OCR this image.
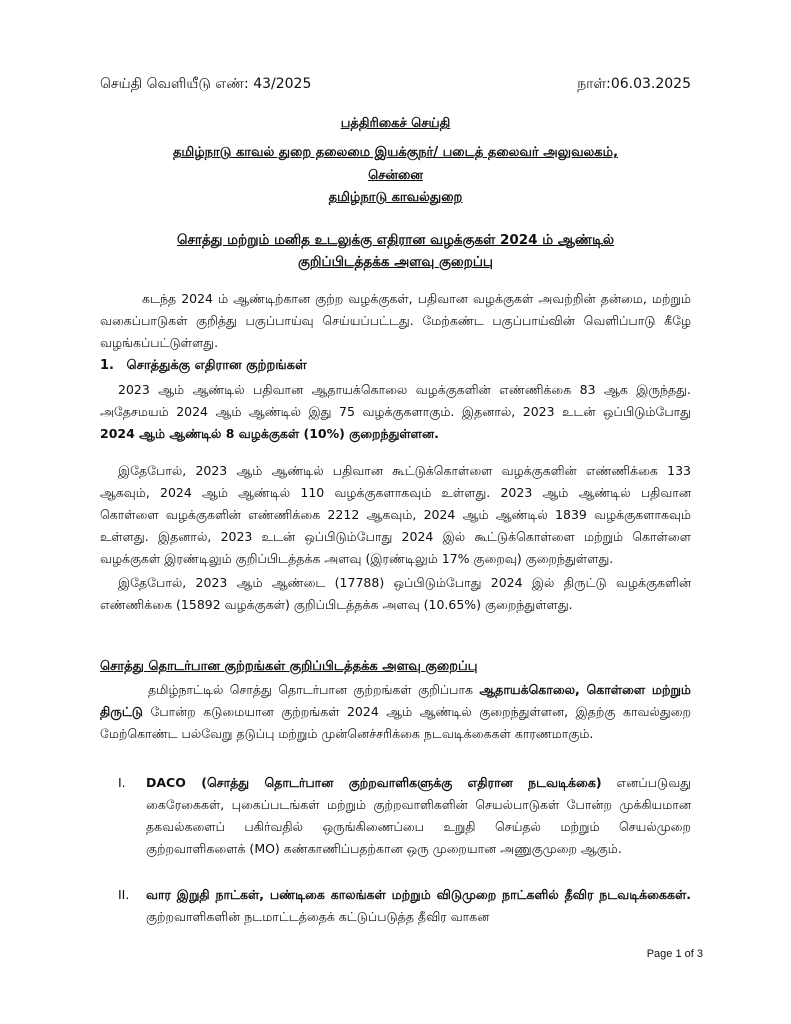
செய்தி வெளியீடு எண்: 43/2025	நாள்:06.03.2025
பத்திரிகைச் செய்தி
தமிழ்நாடு காவல் துறை தலைமை இயக்குநர்/ படைத் தலைவர் அலுவலகம்,
சென்னை
தமிழ்நாடு காவல்துறை
சொத்து மற்றும் மனித உடலுக்கு எதிரான வழக்குகள் 2024 ம் ஆண்டில்
குறிப்பிடத்தக்க அளவு குறைப்பு

கடந்த 2024 ம் ஆண்டிற்கான குற்ற வழக்குகள், பதிவான வழக்குகள் அவற்றின் தன்மை, மற்றும் வகைப்பாடுகள் குறித்து பகுப்பாய்வு செய்யப்பட்டது. மேற்கண்ட பகுப்பாய்வின் வெளிப்பாடு கீழே வழங்கப்பட்டுள்ளது.

1. சொத்துக்கு எதிரான குற்றங்கள்

2023 ஆம் ஆண்டில் பதிவான ஆதாயக்கொலை வழக்குகளின் எண்ணிக்கை 83 ஆக இருந்தது. அதேசமயம் 2024 ஆம் ஆண்டில் இது 75 வழக்குகளாகும். இதனால், 2023 உடன் ஒப்பிடும்போது 2024 ஆம் ஆண்டில் 8 வழக்குகள் (10%) குறைந்துள்ளன.

இதேபோல், 2023 ஆம் ஆண்டில் பதிவான கூட்டுக்கொள்ளை வழக்குகளின் எண்ணிக்கை 133 ஆகவும், 2024 ஆம் ஆண்டில் 110 வழக்குகளாகவும் உள்ளது. 2023 ஆம் ஆண்டில் பதிவான கொள்ளை வழக்குகளின் எண்ணிக்கை 2212 ஆகவும், 2024 ஆம் ஆண்டில் 1839 வழக்குகளாகவும் உள்ளது. இதனால், 2023 உடன் ஒப்பிடும்போது 2024 இல் கூட்டுக்கொள்ளை மற்றும் கொள்ளை வழக்குகள் இரண்டிலும் குறிப்பிடத்தக்க அளவு (இரண்டிலும் 17% குறைவு) குறைந்துள்ளது.

இதேபோல், 2023 ஆம் ஆண்டை (17788) ஒப்பிடும்போது 2024 இல் திருட்டு வழக்குகளின் எண்ணிக்கை (15892 வழக்குகள்) குறிப்பிடத்தக்க அளவு (10.65%) குறைந்துள்ளது.

சொத்து தொடர்பான குற்றங்கள் குறிப்பிடத்தக்க அளவு குறைப்பு

தமிழ்நாட்டில் சொத்து தொடர்பான குற்றங்கள் குறிப்பாக ஆதாயக்கொலை, கொள்ளை மற்றும் திருட்டு போன்ற கடுமையான குற்றங்கள் 2024 ஆம் ஆண்டில் குறைந்துள்ளன, இதற்கு காவல்துறை மேற்கொண்ட பல்வேறு தடுப்பு மற்றும் முன்னெச்சரிக்கை நடவடிக்கைகள் காரணமாகும்.

I. DACO (சொத்து தொடர்பான குற்றவாளிகளுக்கு எதிரான நடவடிக்கை) எனப்படுவது கைரேகைகள், புகைப்படங்கள் மற்றும் குற்றவாளிகளின் செயல்பாடுகள் போன்ற முக்கியமான தகவல்களைப் பகிர்வதில் ஒருங்கிணைப்பை உறுதி செய்தல் மற்றும் செயல்முறை குற்றவாளிகளைக் (MO) கண்காணிப்பதற்கான ஒரு முறையான அணுகுமுறை ஆகும்.
II. வார இறுதி நாட்கள், பண்டிகை காலங்கள் மற்றும் விடுமுறை நாட்களில் தீவிர நடவடிக்கைகள். குற்றவாளிகளின் நடமாட்டத்தைக் கட்டுப்படுத்த தீவிர வாகன
Page 1 of 3
